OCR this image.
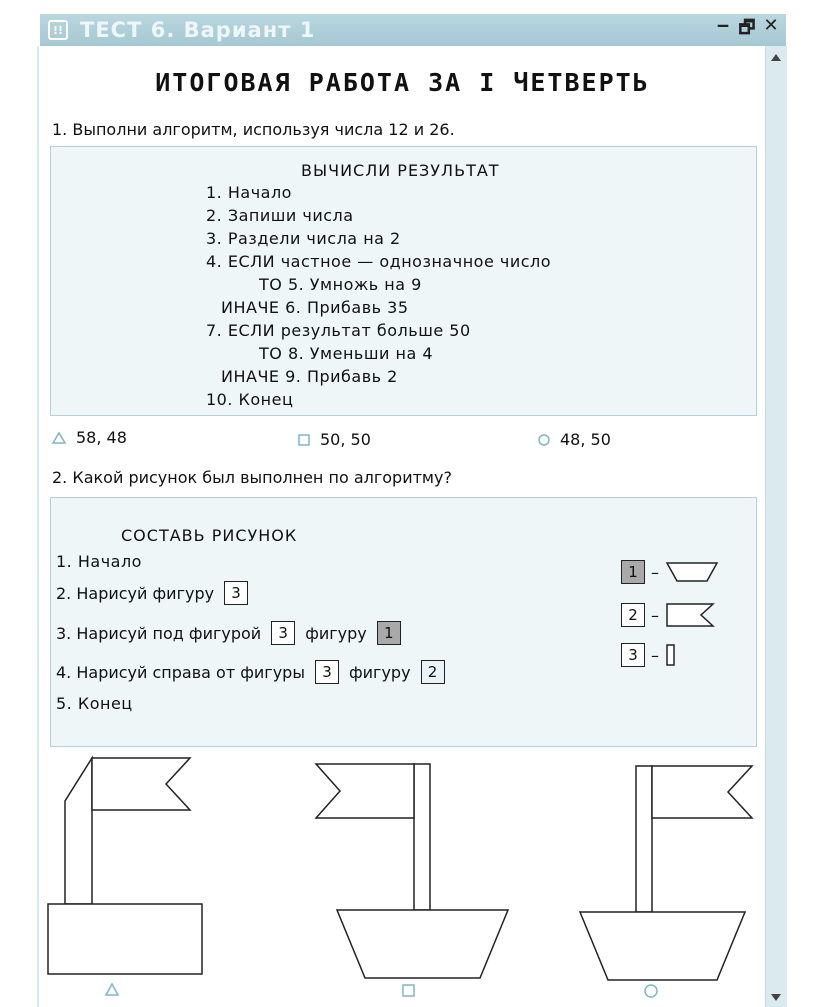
!! ТЕСТ 6. Вариант 1	‒ 🗗 ✕
ИТОГОВАЯ РАБОТА ЗА I ЧЕТВЕРТЬ
1. Выполни алгоритм, используя числа 12 и 26.
ВЫЧИСЛИ РЕЗУЛЬТАТ
1. Начало
2. Запиши числа
3. Раздели числа на 2
4. ЕСЛИ частное — однозначное число
ТО 5. Умножь на 9
ИНАЧЕ 6. Прибавь 35
7. ЕСЛИ результат больше 50
ТО 8. Уменьши на 4
ИНАЧЕ 9. Прибавь 2
10. Конец
58, 48	50, 50	48, 50
2. Какой рисунок был выполнен по алгоритму?
СОСТАВЬ РИСУНОК
1. Начало
2. Нарисуй фигуру	3
3. Нарисуй под фигурой	3	фигуру	1
4. Нарисуй справа от фигуры	3	фигуру	2
5. Конец
1 –
2 –
3 –
